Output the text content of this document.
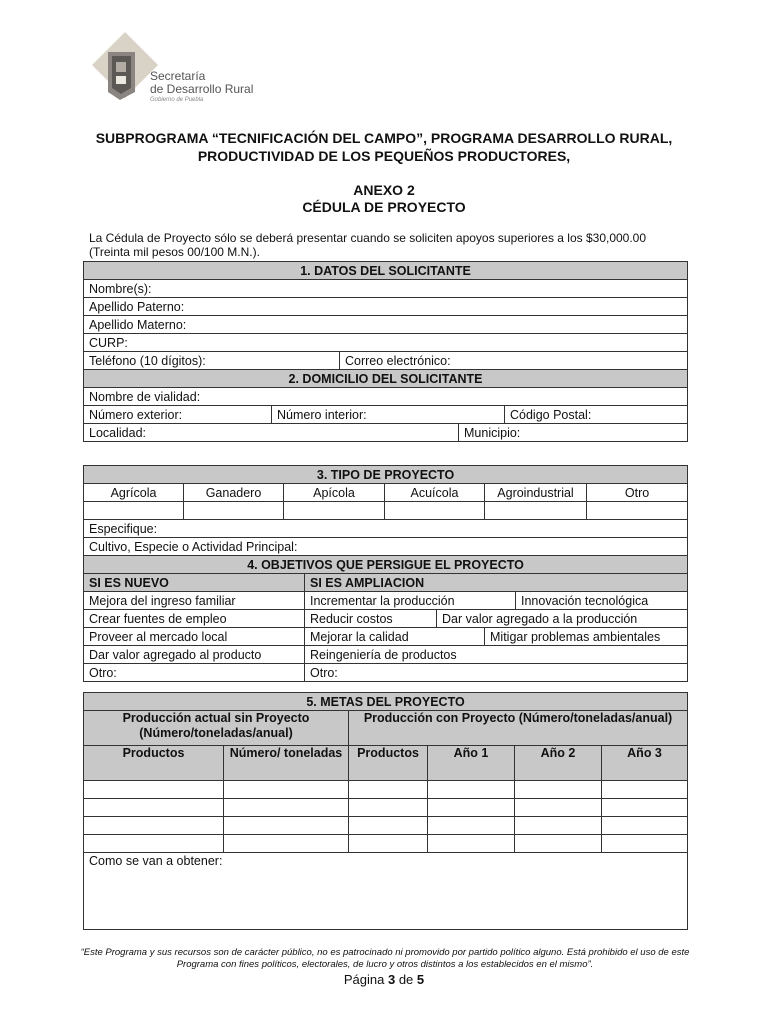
Secretaría
de Desarrollo Rural
Gobierno de Puebla
SUBPROGRAMA “TECNIFICACIÓN DEL CAMPO”, PROGRAMA DESARROLLO RURAL,
PRODUCTIVIDAD DE LOS PEQUEÑOS PRODUCTORES,
ANEXO 2
CÉDULA DE PROYECTO
La Cédula de Proyecto sólo se deberá presentar cuando se soliciten apoyos superiores a los $30,000.00 (Treinta mil pesos 00/100 M.N.).
1. DATOS DEL SOLICITANTE				
Nombre(s):				
Apellido Paterno:				
Apellido Materno:				
CURP:				
Teléfono (10 dígitos):		Correo electrónico:		
2. DOMICILIO DEL SOLICITANTE				
Nombre de vialidad:				
Número exterior:	Número interior:			Código Postal:
Localidad:			Municipio:	
3. TIPO DE PROYECTO								
Agrícola	Ganadero	Apícola		Acuícola		Agroindustrial		Otro

Especifique:								
Cultivo, Especie o Actividad Principal:								
4. OBJETIVOS QUE PERSIGUE EL PROYECTO								
SI ES NUEVO			SI ES AMPLIACION					
Mejora del ingreso familiar			Incrementar la producción				Innovación tecnológica	
Crear fuentes de empleo			Reducir costos		Dar valor agregado a la producción			
Proveer al mercado local			Mejorar la calidad			Mitigar problemas ambientales		
Dar valor agregado al producto			Reingeniería de productos					
Otro:			Otro:					
5. METAS DEL PROYECTO					
Producción actual sin Proyecto (Número/toneladas/anual)		Producción con Proyecto (Número/toneladas/anual)			
Productos	Número/ toneladas	Productos	Año 1	Año 2	Año 3

Como se van a obtener:					
“Este Programa y sus recursos son de carácter público, no es patrocinado ni promovido por partido político alguno. Está prohibido el uso de este Programa con fines políticos, electorales, de lucro y otros distintos a los establecidos en el mismo”.
Página 3 de 5
